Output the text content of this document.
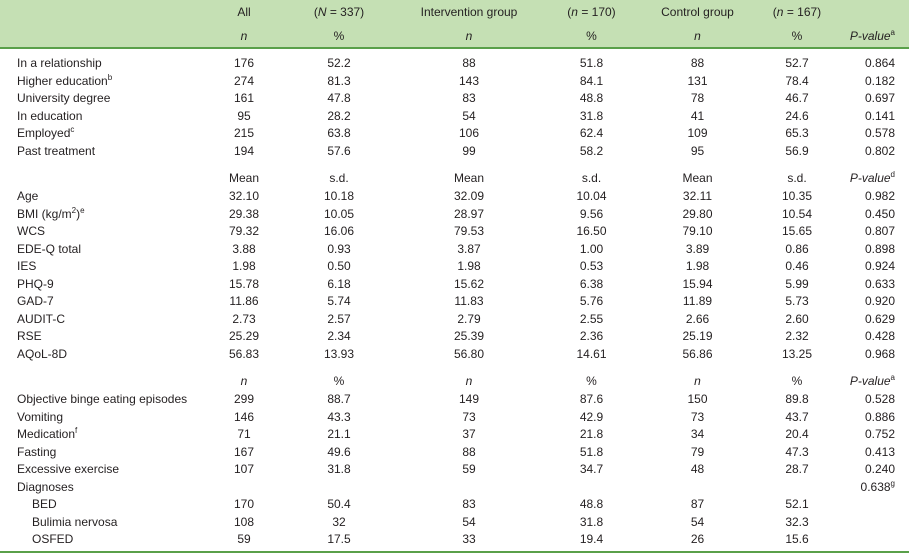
	All	(N = 337)	Intervention group	(n = 170)	Control group	(n = 167)	
	n	%	n	%	n	%	P-value$^a$

In a relationship	176	52.2	88	51.8	88	52.7	0.864
Higher education$^b$	274	81.3	143	84.1	131	78.4	0.182
University degree	161	47.8	83	48.8	78	46.7	0.697
In education	95	28.2	54	31.8	41	24.6	0.141
Employed$^c$	215	63.8	106	62.4	109	65.3	0.578
Past treatment	194	57.6	99	58.2	95	56.9	0.802

	Mean	s.d.	Mean	s.d.	Mean	s.d.	P-value$^d$
Age	32.10	10.18	32.09	10.04	32.11	10.35	0.982
BMI $(kg/m^2)^e$	29.38	10.05	28.97	9.56	29.80	10.54	0.450
WCS	79.32	16.06	79.53	16.50	79.10	15.65	0.807
EDE-Q total	3.88	0.93	3.87	1.00	3.89	0.86	0.898
IES	1.98	0.50	1.98	0.53	1.98	0.46	0.924
PHQ-9	15.78	6.18	15.62	6.38	15.94	5.99	0.633
GAD-7	11.86	5.74	11.83	5.76	11.89	5.73	0.920
AUDIT-C	2.73	2.57	2.79	2.55	2.66	2.60	0.629
RSE	25.29	2.34	25.39	2.36	25.19	2.32	0.428
AQoL-8D	56.83	13.93	56.80	14.61	56.86	13.25	0.968

	n	%	n	%	n	%	P-value$^a$
Objective binge eating episodes	299	88.7	149	87.6	150	89.8	0.528
Vomiting	146	43.3	73	42.9	73	43.7	0.886
Medication$^f$	71	21.1	37	21.8	34	20.4	0.752
Fasting	167	49.6	88	51.8	79	47.3	0.413
Excessive exercise	107	31.8	59	34.7	48	28.7	0.240
Diagnoses							0.638$^g$
BED	170	50.4	83	48.8	87	52.1	
Bulimia nervosa	108	32	54	31.8	54	32.3	
OSFED	59	17.5	33	19.4	26	15.6	
